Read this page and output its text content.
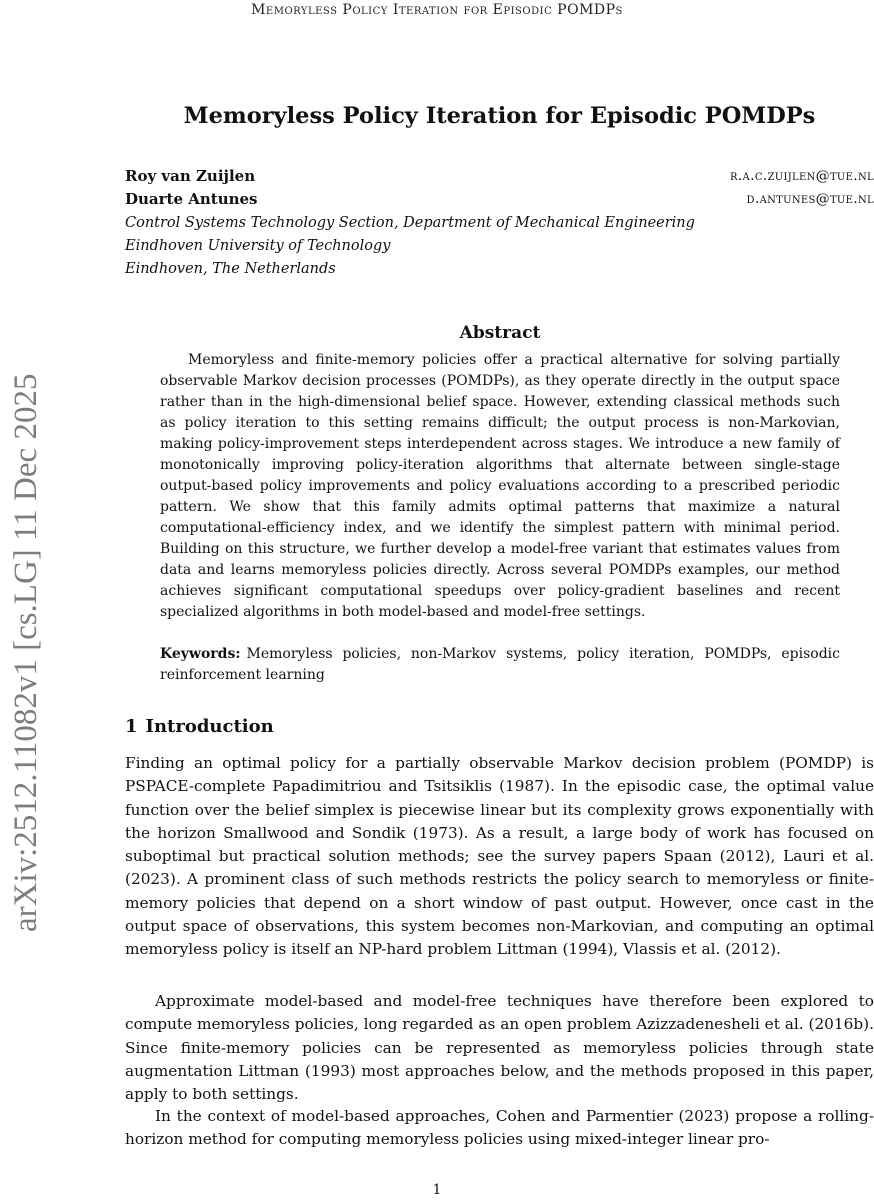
Memoryless Policy Iteration for Episodic POMDPs
arXiv:2512.11082v1 [cs.LG] 11 Dec 2025
Memoryless Policy Iteration for Episodic POMDPs
Roy van Zuijlen	r.a.c.zuijlen@tue.nl
Duarte Antunes	d.antunes@tue.nl
Control Systems Technology Section, Department of Mechanical Engineering
Eindhoven University of Technology
Eindhoven, The Netherlands
Abstract

Memoryless and finite-memory policies offer a practical alternative for solving partially observable Markov decision processes (POMDPs), as they operate directly in the output space rather than in the high-dimensional belief space. However, extending classical methods such as policy iteration to this setting remains difficult; the output process is non-Markovian, making policy-improvement steps interdependent across stages. We introduce a new family of monotonically improving policy-iteration algorithms that alternate between single-stage output-based policy improvements and policy evaluations according to a prescribed periodic pattern. We show that this family admits optimal patterns that maximize a natural computational-efficiency index, and we identify the simplest pattern with minimal period. Building on this structure, we further develop a model-free variant that estimates values from data and learns memoryless policies directly. Across several POMDPs examples, our method achieves significant computational speedups over policy-gradient baselines and recent specialized algorithms in both model-based and model-free settings.

Keywords: Memoryless policies, non-Markov systems, policy iteration, POMDPs, episodic reinforcement learning

1 Introduction

Finding an optimal policy for a partially observable Markov decision problem (POMDP) is PSPACE-complete Papadimitriou and Tsitsiklis (1987). In the episodic case, the optimal value function over the belief simplex is piecewise linear but its complexity grows exponentially with the horizon Smallwood and Sondik (1973). As a result, a large body of work has focused on suboptimal but practical solution methods; see the survey papers Spaan (2012), Lauri et al. (2023). A prominent class of such methods restricts the policy search to memoryless or finite-memory policies that depend on a short window of past output. However, once cast in the output space of observations, this system becomes non-Markovian, and computing an optimal memoryless policy is itself an NP-hard problem Littman (1994), Vlassis et al. (2012).

Approximate model-based and model-free techniques have therefore been explored to compute memoryless policies, long regarded as an open problem Azizzadenesheli et al. (2016b). Since finite-memory policies can be represented as memoryless policies through state augmentation Littman (1993) most approaches below, and the methods proposed in this paper, apply to both settings.

In the context of model-based approaches, Cohen and Parmentier (2023) propose a rolling-horizon method for computing memoryless policies using mixed-integer linear pro-

1
